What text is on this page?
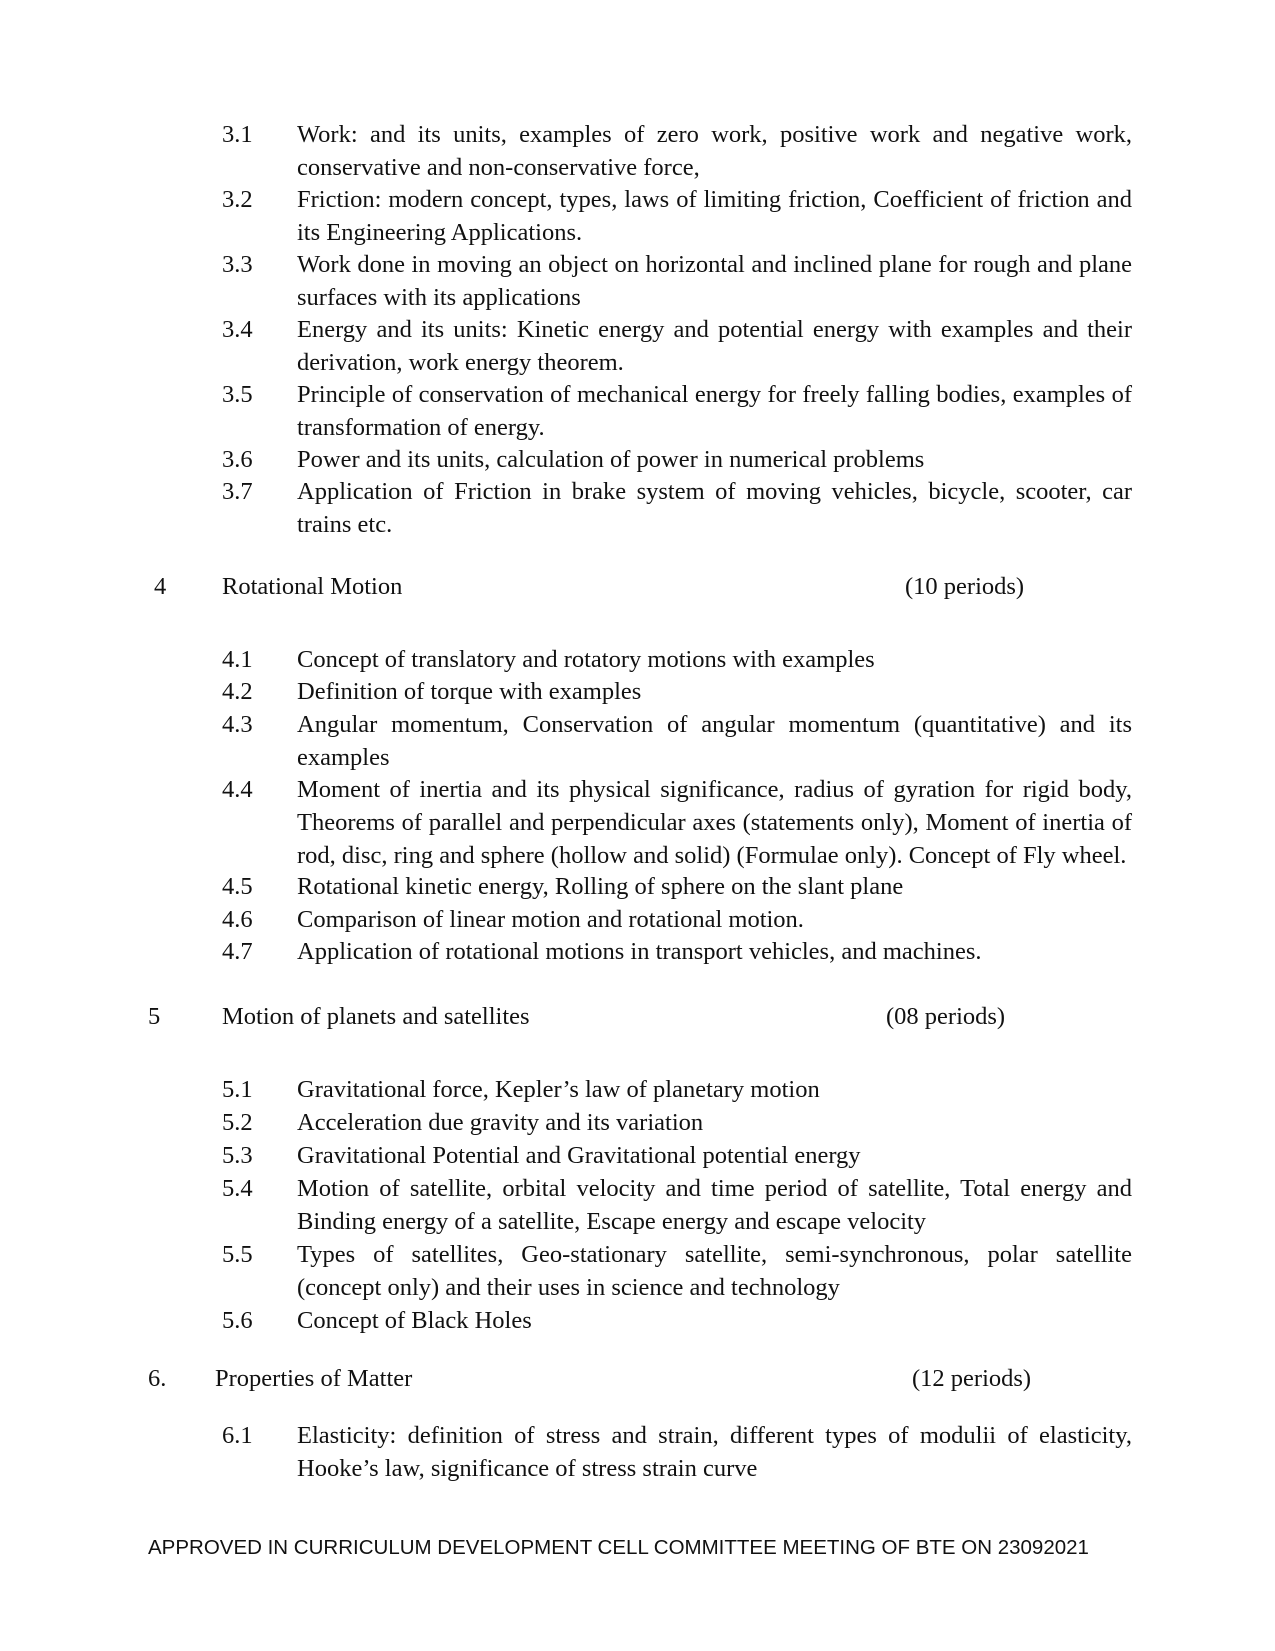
3.1	Work: and its units, examples of zero work, positive work and negative work, conservative and non-conservative force,
3.2	Friction: modern concept, types, laws of limiting friction, Coefficient of friction and its Engineering Applications.
3.3	Work done in moving an object on horizontal and inclined plane for rough and plane surfaces with its applications
3.4	Energy and its units: Kinetic energy and potential energy with examples and their derivation, work energy theorem.
3.5	Principle of conservation of mechanical energy for freely falling bodies, examples of transformation of energy.
3.6	Power and its units, calculation of power in numerical problems
3.7	Application of Friction in brake system of moving vehicles, bicycle, scooter, car trains etc.
4 Rotational Motion	(10 periods)
4.1	Concept of translatory and rotatory motions with examples
4.2	Definition of torque with examples
4.3	Angular momentum, Conservation of angular momentum (quantitative) and its examples
4.4	Moment of inertia and its physical significance, radius of gyration for rigid body, Theorems of parallel and perpendicular axes (statements only), Moment of inertia of rod, disc, ring and sphere (hollow and solid) (Formulae only). Concept of Fly wheel.
4.5	Rotational kinetic energy, Rolling of sphere on the slant plane
4.6	Comparison of linear motion and rotational motion.
4.7	Application of rotational motions in transport vehicles, and machines.
5	Motion of planets and satellites	(08 periods)
5.1	Gravitational force, Kepler’s law of planetary motion
5.2	Acceleration due gravity and its variation
5.3	Gravitational Potential and Gravitational potential energy
5.4	Motion of satellite, orbital velocity and time period of satellite, Total energy and Binding energy of a satellite, Escape energy and escape velocity
5.5	Types of satellites, Geo-stationary satellite, semi-synchronous, polar satellite (concept only) and their uses in science and technology
5.6	Concept of Black Holes
6. Properties of Matter	(12 periods)
6.1	Elasticity: definition of stress and strain, different types of modulii of elasticity, Hooke’s law, significance of stress strain curve
APPROVED IN CURRICULUM DEVELOPMENT CELL COMMITTEE MEETING OF BTE ON 23092021
